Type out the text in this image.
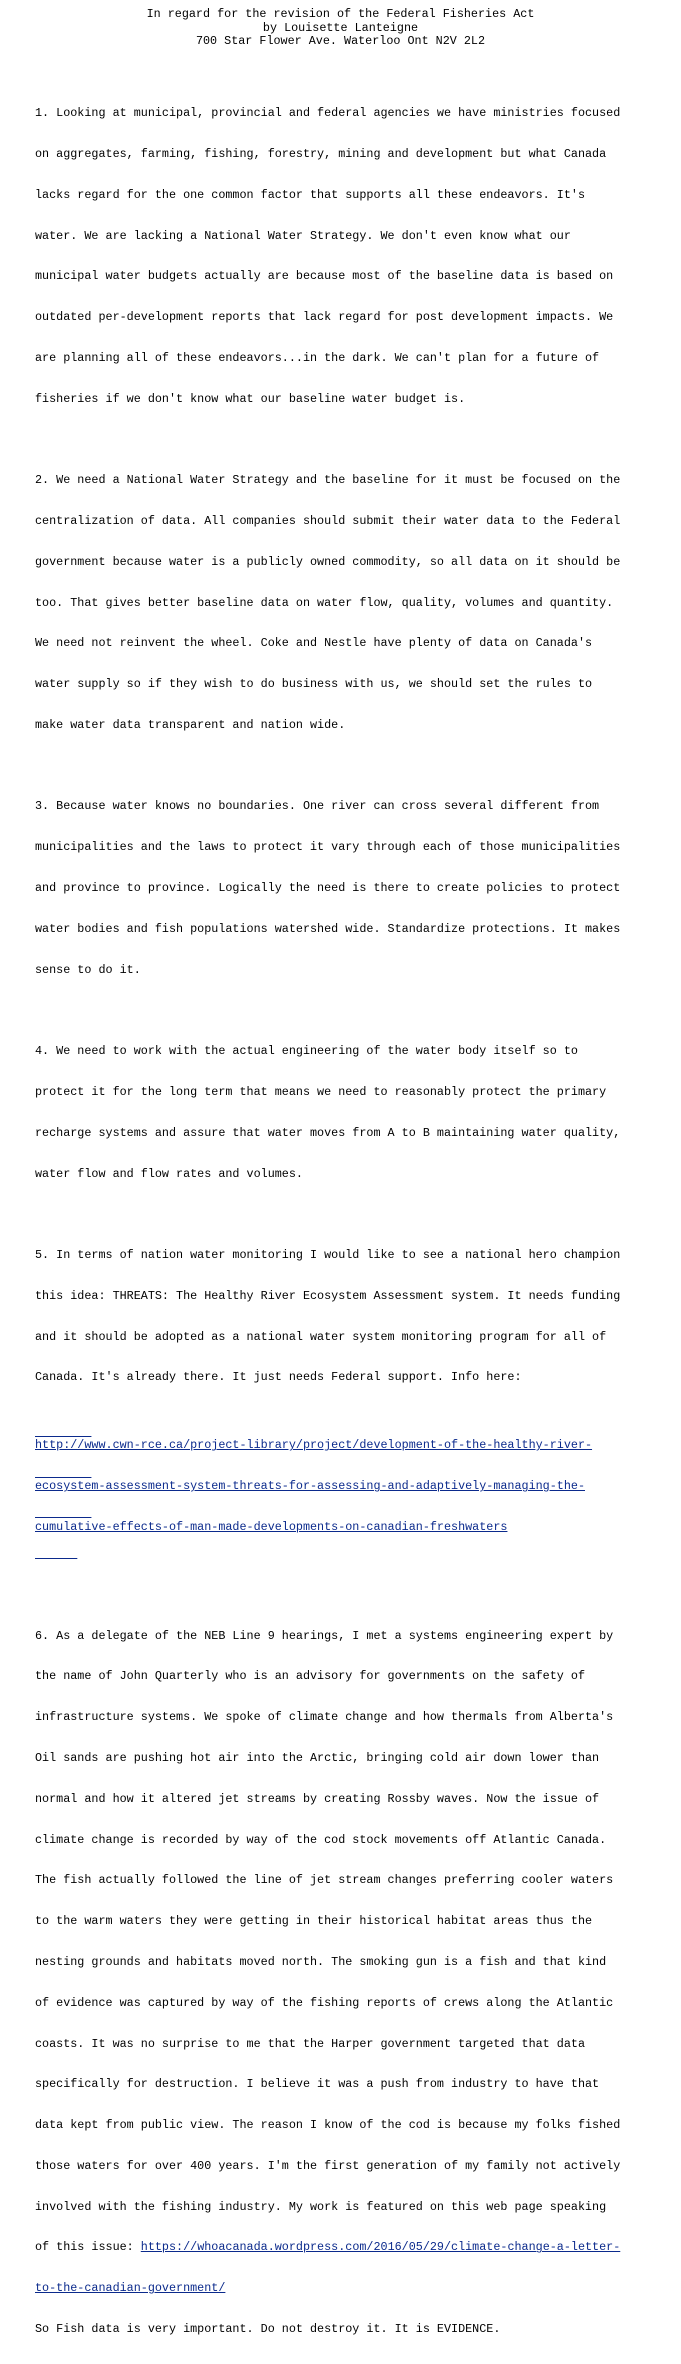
In regard for the revision of the Federal Fisheries Act
by Louisette Lanteigne
700 Star Flower Ave. Waterloo Ont N2V 2L2

1. Looking at municipal, provincial and federal agencies we have ministries focused

on aggregates, farming, fishing, forestry, mining and development but what Canada

lacks regard for the one common factor that supports all these endeavors. It's

water. We are lacking a National Water Strategy. We don't even know what our

municipal water budgets actually are because most of the baseline data is based on

outdated per-development reports that lack regard for post development impacts. We

are planning all of these endeavors...in the dark. We can't plan for a future of

fisheries if we don't know what our baseline water budget is.

2. We need a National Water Strategy and the baseline for it must be focused on the

centralization of data. All companies should submit their water data to the Federal

government because water is a publicly owned commodity, so all data on it should be

too. That gives better baseline data on water flow, quality, volumes and quantity.

We need not reinvent the wheel. Coke and Nestle have plenty of data on Canada's

water supply so if they wish to do business with us, we should set the rules to

make water data transparent and nation wide.

3. Because water knows no boundaries. One river can cross several different from

municipalities and the laws to protect it vary through each of those municipalities

and province to province. Logically the need is there to create policies to protect

water bodies and fish populations watershed wide. Standardize protections. It makes

sense to do it.

4. We need to work with the actual engineering of the water body itself so to

protect it for the long term that means we need to reasonably protect the primary

recharge systems and assure that water moves from A to B maintaining water quality,

water flow and flow rates and volumes.

5. In terms of nation water monitoring I would like to see a national hero champion

this idea: THREATS: The Healthy River Ecosystem Assessment system. It needs funding

and it should be adopted as a national water system monitoring program for all of

Canada. It's already there. It just needs Federal support. Info here:

http://www.cwn-rce.ca/project-library/project/development-of-the-healthy-river-

ecosystem-assessment-system-threats-for-assessing-and-adaptively-managing-the-

cumulative-effects-of-man-made-developments-on-canadian-freshwaters

6. As a delegate of the NEB Line 9 hearings, I met a systems engineering expert by

the name of John Quarterly who is an advisory for governments on the safety of

infrastructure systems. We spoke of climate change and how thermals from Alberta's

Oil sands are pushing hot air into the Arctic, bringing cold air down lower than

normal and how it altered jet streams by creating Rossby waves. Now the issue of

climate change is recorded by way of the cod stock movements off Atlantic Canada.

The fish actually followed the line of jet stream changes preferring cooler waters

to the warm waters they were getting in their historical habitat areas thus the

nesting grounds and habitats moved north. The smoking gun is a fish and that kind

of evidence was captured by way of the fishing reports of crews along the Atlantic

coasts. It was no surprise to me that the Harper government targeted that data

specifically for destruction. I believe it was a push from industry to have that

data kept from public view. The reason I know of the cod is because my folks fished

those waters for over 400 years. I'm the first generation of my family not actively

involved with the fishing industry. My work is featured on this web page speaking

of this issue: https://whoacanada.wordpress.com/2016/05/29/climate-change-a-letter-

to-the-canadian-government/

So Fish data is very important. Do not destroy it. It is EVIDENCE.
